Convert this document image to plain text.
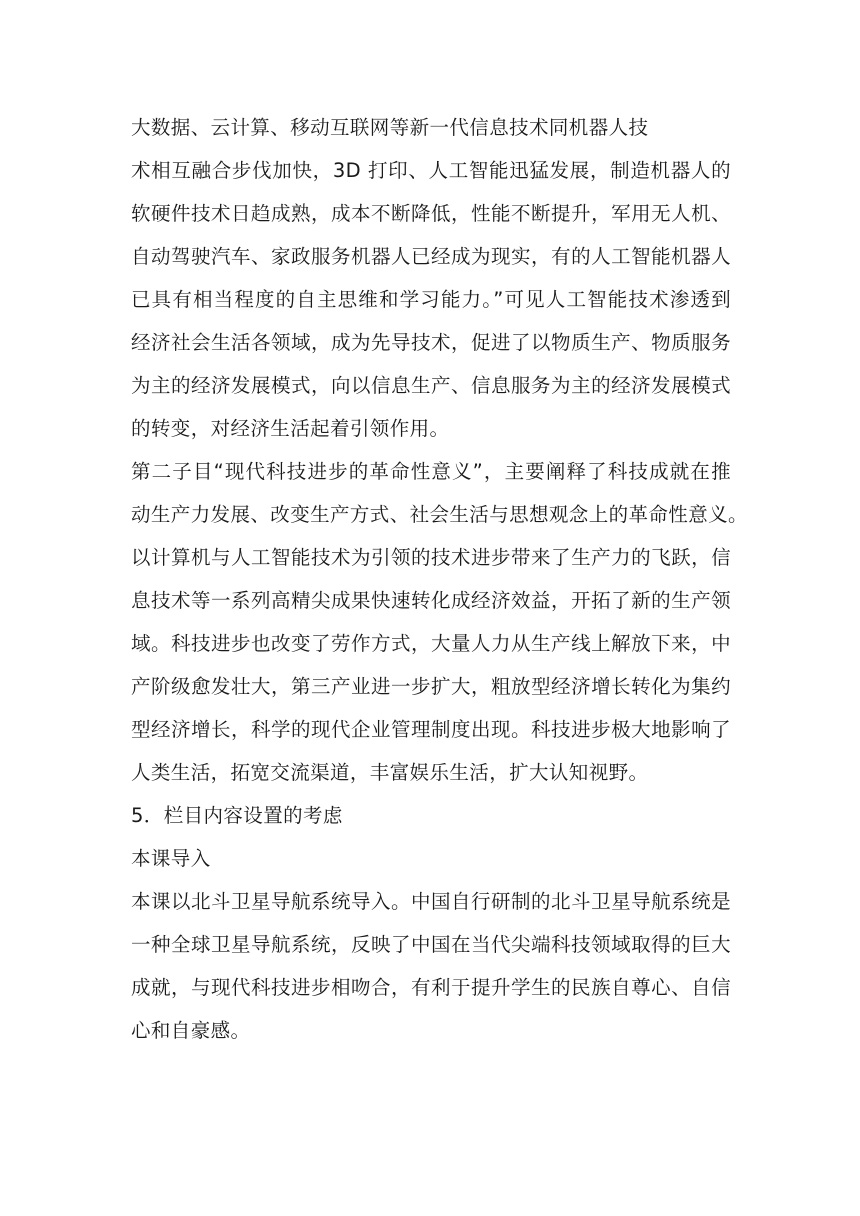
大数据、云计算、移动互联网等新一代信息技术同机器人技
术相互融合步伐加快，3D 打印、人工智能迅猛发展，制造机器人的
软硬件技术日趋成熟，成本不断降低，性能不断提升，军用无人机、
自动驾驶汽车、家政服务机器人已经成为现实，有的人工智能机器人
已具有相当程度的自主思维和学习能力。”可见人工智能技术渗透到
经济社会生活各领域，成为先导技术，促进了以物质生产、物质服务
为主的经济发展模式，向以信息生产、信息服务为主的经济发展模式
的转变，对经济生活起着引领作用。
第二子目“现代科技进步的革命性意义”，主要阐释了科技成就在推
动生产力发展、改变生产方式、社会生活与思想观念上的革命性意义。
以计算机与人工智能技术为引领的技术进步带来了生产力的飞跃，信
息技术等一系列高精尖成果快速转化成经济效益，开拓了新的生产领
域。科技进步也改变了劳作方式，大量人力从生产线上解放下来，中
产阶级愈发壮大，第三产业进一步扩大，粗放型经济增长转化为集约
型经济增长，科学的现代企业管理制度出现。科技进步极大地影响了
人类生活，拓宽交流渠道，丰富娱乐生活，扩大认知视野。
5．栏目内容设置的考虑
本课导入
本课以北斗卫星导航系统导入。中国自行研制的北斗卫星导航系统是
一种全球卫星导航系统，反映了中国在当代尖端科技领域取得的巨大
成就，与现代科技进步相吻合，有利于提升学生的民族自尊心、自信
心和自豪感。
